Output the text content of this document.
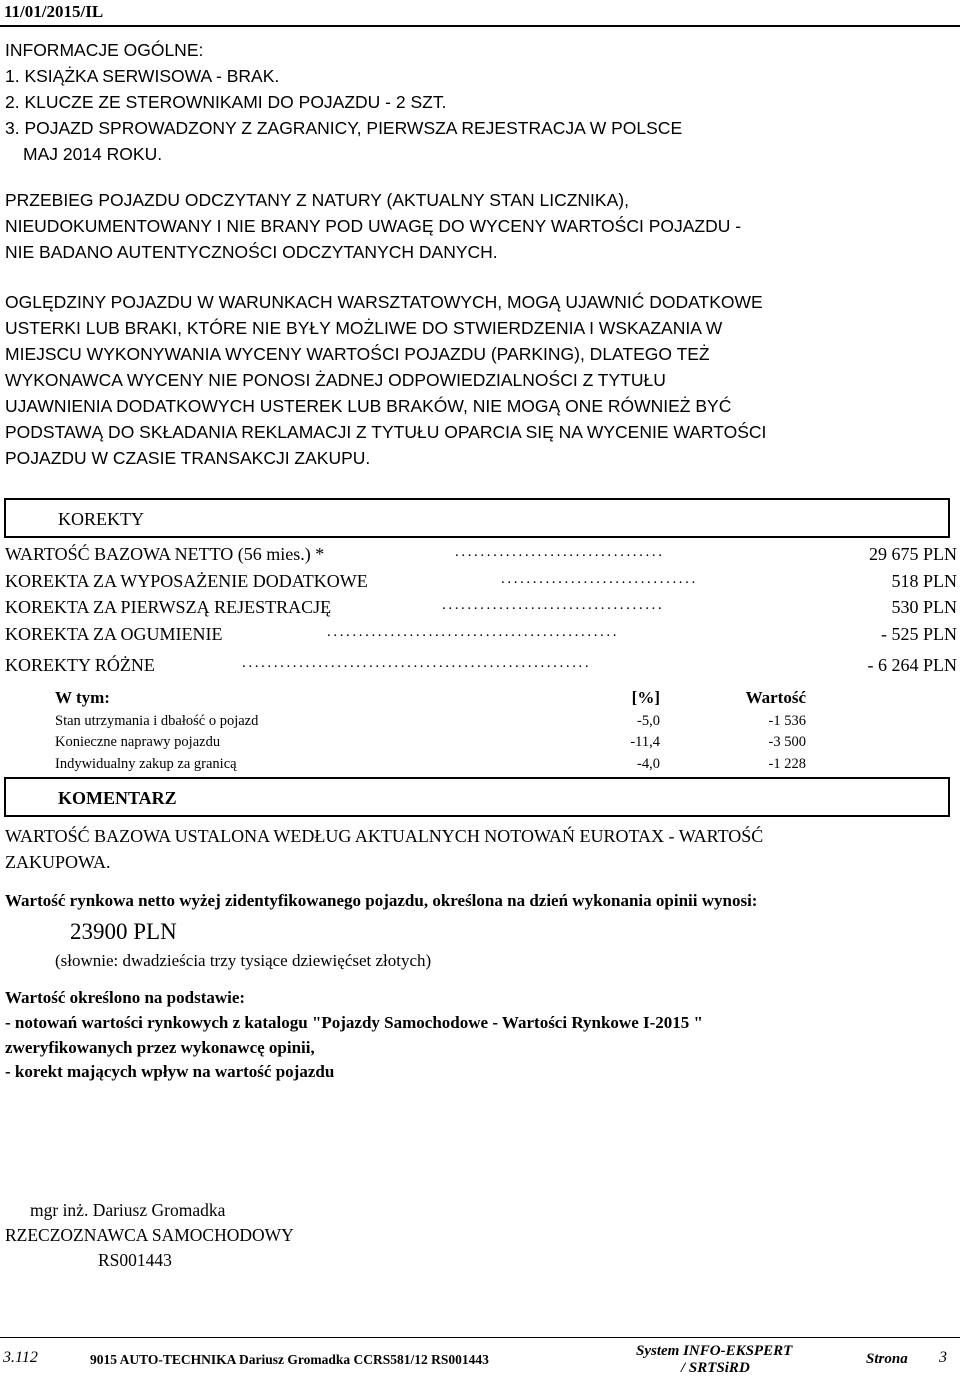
11/01/2015/IL
INFORMACJE OGÓLNE:
1. KSIĄŻKA SERWISOWA - BRAK.
2. KLUCZE ZE STEROWNIKAMI DO POJAZDU - 2 SZT.
3. POJAZD SPROWADZONY Z ZAGRANICY, PIERWSZA REJESTRACJA W POLSCE
MAJ 2014 ROKU.
PRZEBIEG POJAZDU ODCZYTANY Z NATURY (AKTUALNY STAN LICZNIKA),
NIEUDOKUMENTOWANY I NIE BRANY POD UWAGĘ DO WYCENY WARTOŚCI POJAZDU -
NIE BADANO AUTENTYCZNOŚCI ODCZYTANYCH DANYCH.
OGLĘDZINY POJAZDU W WARUNKACH WARSZTATOWYCH, MOGĄ UJAWNIĆ DODATKOWE
USTERKI LUB BRAKI, KTÓRE NIE BYŁY MOŻLIWE DO STWIERDZENIA I WSKAZANIA W
MIEJSCU WYKONYWANIA WYCENY WARTOŚCI POJAZDU (PARKING), DLATEGO TEŻ
WYKONAWCA WYCENY NIE PONOSI ŻADNEJ ODPOWIEDZIALNOŚCI Z TYTUŁU
UJAWNIENIA DODATKOWYCH USTEREK LUB BRAKÓW, NIE MOGĄ ONE RÓWNIEŻ BYĆ
PODSTAWĄ DO SKŁADANIA REKLAMACJI Z TYTUŁU OPARCIA SIĘ NA WYCENIE WARTOŚCI
POJAZDU W CZASIE TRANSAKCJI ZAKUPU.
KOREKTY
WARTOŚĆ BAZOWA NETTO (56 mies.) *	.................................	29 675 PLN
KOREKTA ZA WYPOSAŻENIE DODATKOWE	...............................	518 PLN
KOREKTA ZA PIERWSZĄ REJESTRACJĘ	...................................	530 PLN
KOREKTA ZA OGUMIENIE	..............................................	- 525 PLN
KOREKTY RÓŻNE	.......................................................	- 6 264 PLN
W tym:	[%]	Wartość
Stan utrzymania i dbałość o pojazd	-5,0	-1 536
Konieczne naprawy pojazdu	-11,4	-3 500
Indywidualny zakup za granicą	-4,0	-1 228
KOMENTARZ
WARTOŚĆ BAZOWA USTALONA WEDŁUG AKTUALNYCH NOTOWAŃ EUROTAX - WARTOŚĆ
ZAKUPOWA.
Wartość rynkowa netto wyżej zidentyfikowanego pojazdu, określona na dzień wykonania opinii wynosi:
23900 PLN
(słownie: dwadzieścia trzy tysiące dziewięćset złotych)
Wartość określono na podstawie:
- notowań wartości rynkowych z katalogu "Pojazdy Samochodowe - Wartości Rynkowe I-2015 "
zweryfikowanych przez wykonawcę opinii,
- korekt mających wpływ na wartość pojazdu
mgr inż. Dariusz Gromadka
RZECZOZNAWCA SAMOCHODOWY
RS001443
3.112	9015 AUTO-TECHNIKA Dariusz Gromadka CCRS581/12 RS001443
System INFO-EKSPERT
/ SRTSiRD
Strona 3
